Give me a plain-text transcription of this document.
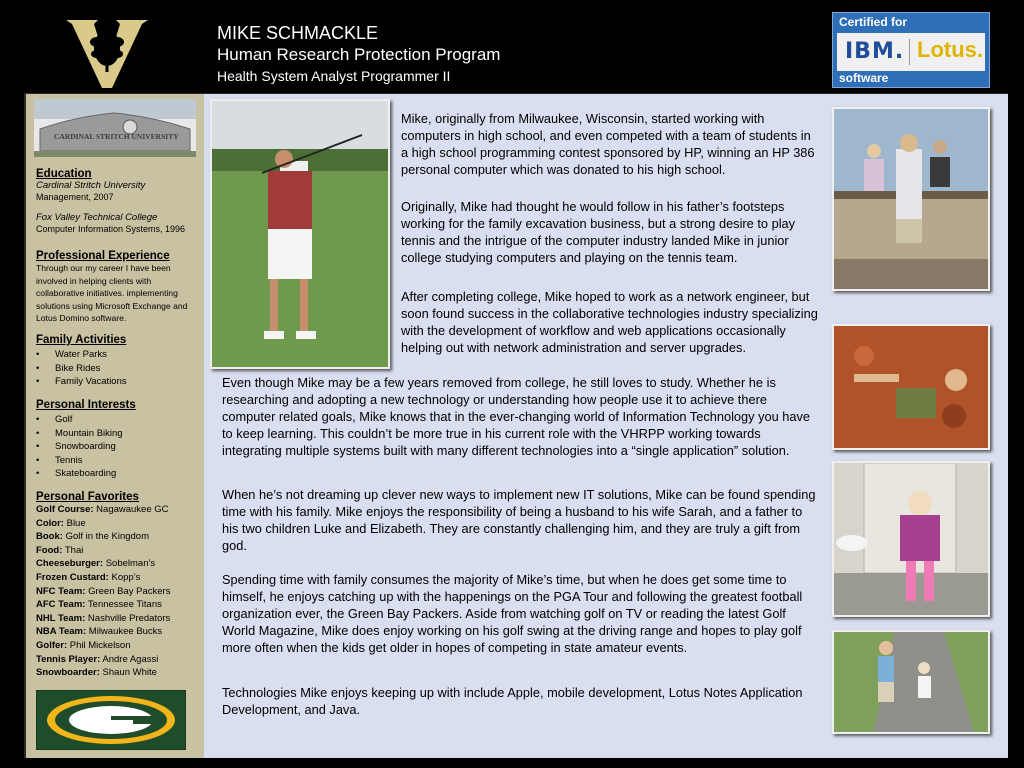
MIKE SCHMACKLE
Human Research Protection Program
Health System Analyst Programmer II
Certified for
IBM. Lotus.
software
CARDINAL STRITCH UNIVERSITY

Education

Cardinal Stritch University

Management, 2007

Fox Valley Technical College

Computer Information Systems, 1996

Professional Experience

Through our my career I have been involved in helping clients with collaborative initiatives. implementing solutions using Microsoft Exchange and Lotus Domino software.

Family Activities

• Water Parks
• Bike Rides
• Family Vacations

Personal Interests

• Golf
• Mountain Biking
• Snowboarding
• Tennis
• Skateboarding

Personal Favorites

Golf Course: Nagawaukee GC
Color: Blue
Book: Golf in the Kingdom
Food: Thai
Cheeseburger: Sobelman’s
Frozen Custard: Kopp’s
NFC Team: Green Bay Packers
AFC Team: Tennessee Titans
NHL Team: Nashville Predators
NBA Team: Milwaukee Bucks
Golfer: Phil Mickelson
Tennis Player: Andre Agassi
Snowboarder: Shaun White

Mike, originally from Milwaukee, Wisconsin, started working with computers in high school, and even competed with a team of students in a high school programming contest sponsored by HP, winning an HP 386 personal computer which was donated to his high school.

Originally, Mike had thought he would follow in his father’s footsteps working for the family excavation business, but a strong desire to play tennis and the intrigue of the computer industry landed Mike in junior college studying computers and playing on the tennis team.

After completing college, Mike hoped to work as a network engineer, but soon found success in the collaborative technologies industry specializing with the development of workflow and web applications occasionally helping out with network administration and server upgrades.

Even though Mike may be a few years removed from college, he still loves to study. Whether he is researching and adopting a new technology or understanding how people use it to achieve there computer related goals, Mike knows that in the ever-changing world of Information Technology you have to keep learning. This couldn’t be more true in his current role with the VHRPP working towards integrating multiple systems built with many different technologies into a “single application” solution.

When he’s not dreaming up clever new ways to implement new IT solutions, Mike can be found spending time with his family. Mike enjoys the responsibility of being a husband to his wife Sarah, and a father to his two children Luke and Elizabeth. They are constantly challenging him, and they are truly a gift from god.

Spending time with family consumes the majority of Mike’s time, but when he does get some time to himself, he enjoys catching up with the happenings on the PGA Tour and following the greatest football organization ever, the Green Bay Packers. Aside from watching golf on TV or reading the latest Golf World Magazine, Mike does enjoy working on his golf swing at the driving range and hopes to play golf more often when the kids get older in hopes of competing in state amateur events.

Technologies Mike enjoys keeping up with include Apple, mobile development, Lotus Notes Application Development, and Java.
